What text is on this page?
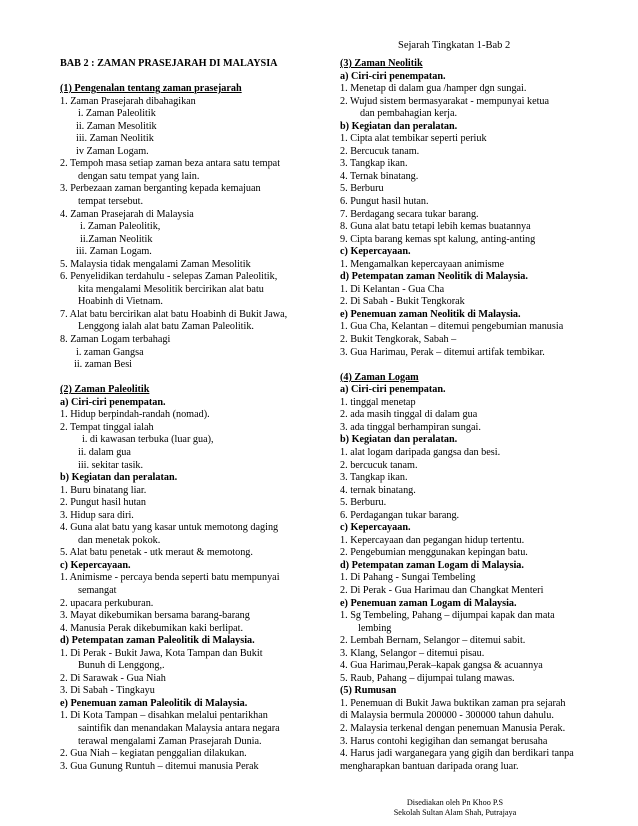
Sejarah Tingkatan 1-Bab 2
BAB 2 : ZAMAN PRASEJARAH DI MALAYSIA
(1) Pengenalan tentang zaman prasejarah
1. Zaman Prasejarah dibahagikan
i. Zaman Paleolitik
ii. Zaman Mesolitik
iii. Zaman Neolitik
iv Zaman Logam.
2. Tempoh masa setiap zaman beza antara satu tempat
dengan satu tempat yang lain.
3. Perbezaan zaman berganting kepada kemajuan
tempat tersebut.
4. Zaman Prasejarah di Malaysia
i. Zaman Paleolitik,
ii.Zaman Neolitik
iii. Zaman Logam.
5. Malaysia tidak mengalami Zaman Mesolitik
6. Penyelidikan terdahulu - selepas Zaman Paleolitik,
kita mengalami Mesolitik bercirikan alat batu
Hoabinh di Vietnam.
7. Alat batu bercirikan alat batu Hoabinh di Bukit Jawa,
Lenggong ialah alat batu Zaman Paleolitik.
8. Zaman Logam terbahagi
i. zaman Gangsa
ii. zaman Besi
(2) Zaman Paleolitik
a) Ciri-ciri penempatan.
1. Hidup berpindah-randah (nomad).
2. Tempat tinggal ialah
i. di kawasan terbuka (luar gua),
ii. dalam gua
iii. sekitar tasik.
b) Kegiatan dan peralatan.
1. Buru binatang liar.
2. Pungut hasil hutan
3. Hidup sara diri.
4. Guna alat batu yang kasar untuk memotong daging
dan menetak pokok.
5. Alat batu penetak - utk meraut & memotong.
c) Kepercayaan.
1. Animisme - percaya benda seperti batu mempunyai
semangat
2. upacara perkuburan.
3. Mayat dikebumikan bersama barang-barang
4. Manusia Perak dikebumikan kaki berlipat.
d) Petempatan zaman Paleolitik di Malaysia.
1. Di Perak - Bukit Jawa, Kota Tampan dan Bukit
Bunuh di Lenggong,.
2. Di Sarawak - Gua Niah
3. Di Sabah - Tingkayu
e) Penemuan zaman Paleolitik di Malaysia.
1. Di Kota Tampan – disahkan melalui pentarikhan
saintifik dan menandakan Malaysia antara negara
terawal mengalami Zaman Prasejarah Dunia.
2. Gua Niah – kegiatan penggalian dilakukan.
3. Gua Gunung Runtuh – ditemui manusia Perak
(3) Zaman Neolitik
a) Ciri-ciri penempatan.
1. Menetap di dalam gua /hamper dgn sungai.
2. Wujud sistem bermasyarakat - mempunyai ketua
dan pembahagian kerja.
b) Kegiatan dan peralatan.
1. Cipta alat tembikar seperti periuk
2. Bercucuk tanam.
3. Tangkap ikan.
4. Ternak binatang.
5. Berburu
6. Pungut hasil hutan.
7. Berdagang secara tukar barang.
8. Guna alat batu tetapi lebih kemas buatannya
9. Cipta barang kemas spt kalung, anting-anting
c) Kepercayaan.
1. Mengamalkan kepercayaan animisme
d) Petempatan zaman Neolitik di Malaysia.
1. Di Kelantan - Gua Cha
2. Di Sabah - Bukit Tengkorak
e) Penemuan zaman Neolitik di Malaysia.
1. Gua Cha, Kelantan – ditemui pengebumian manusia
2. Bukit Tengkorak, Sabah –
3. Gua Harimau, Perak – ditemui artifak tembikar.
(4) Zaman Logam
a) Ciri-ciri penempatan.
1. tinggal menetap
2. ada masih tinggal di dalam gua
3. ada tinggal berhampiran sungai.
b) Kegiatan dan peralatan.
1. alat logam daripada gangsa dan besi.
2. bercucuk tanam.
3. Tangkap ikan.
4. ternak binatang.
5. Berburu.
6. Perdagangan tukar barang.
c) Kepercayaan.
1. Kepercayaan dan pegangan hidup tertentu.
2. Pengebumian menggunakan kepingan batu.
d) Petempatan zaman Logam di Malaysia.
1. Di Pahang - Sungai Tembeling
2. Di Perak - Gua Harimau dan Changkat Menteri
e) Penemuan zaman Logam di Malaysia.
1. Sg Tembeling, Pahang – dijumpai kapak dan mata
lembing
2. Lembah Bernam, Selangor – ditemui sabit.
3. Klang, Selangor – ditemui pisau.
4. Gua Harimau,Perak–kapak gangsa & acuannya
5. Raub, Pahang – dijumpai tulang mawas.
(5) Rumusan
1. Penemuan di Bukit Jawa buktikan zaman pra sejarah
di Malaysia bermula 200000 - 300000 tahun dahulu.
2. Malaysia terkenal dengan penemuan Manusia Perak.
3. Harus contohi kegigihan dan semangat berusaha
4. Harus jadi warganegara yang gigih dan berdikari tanpa
mengharapkan bantuan daripada orang luar.
Disediakan oleh Pn Khoo P.S
Sekolah Sultan Alam Shah, Putrajaya
